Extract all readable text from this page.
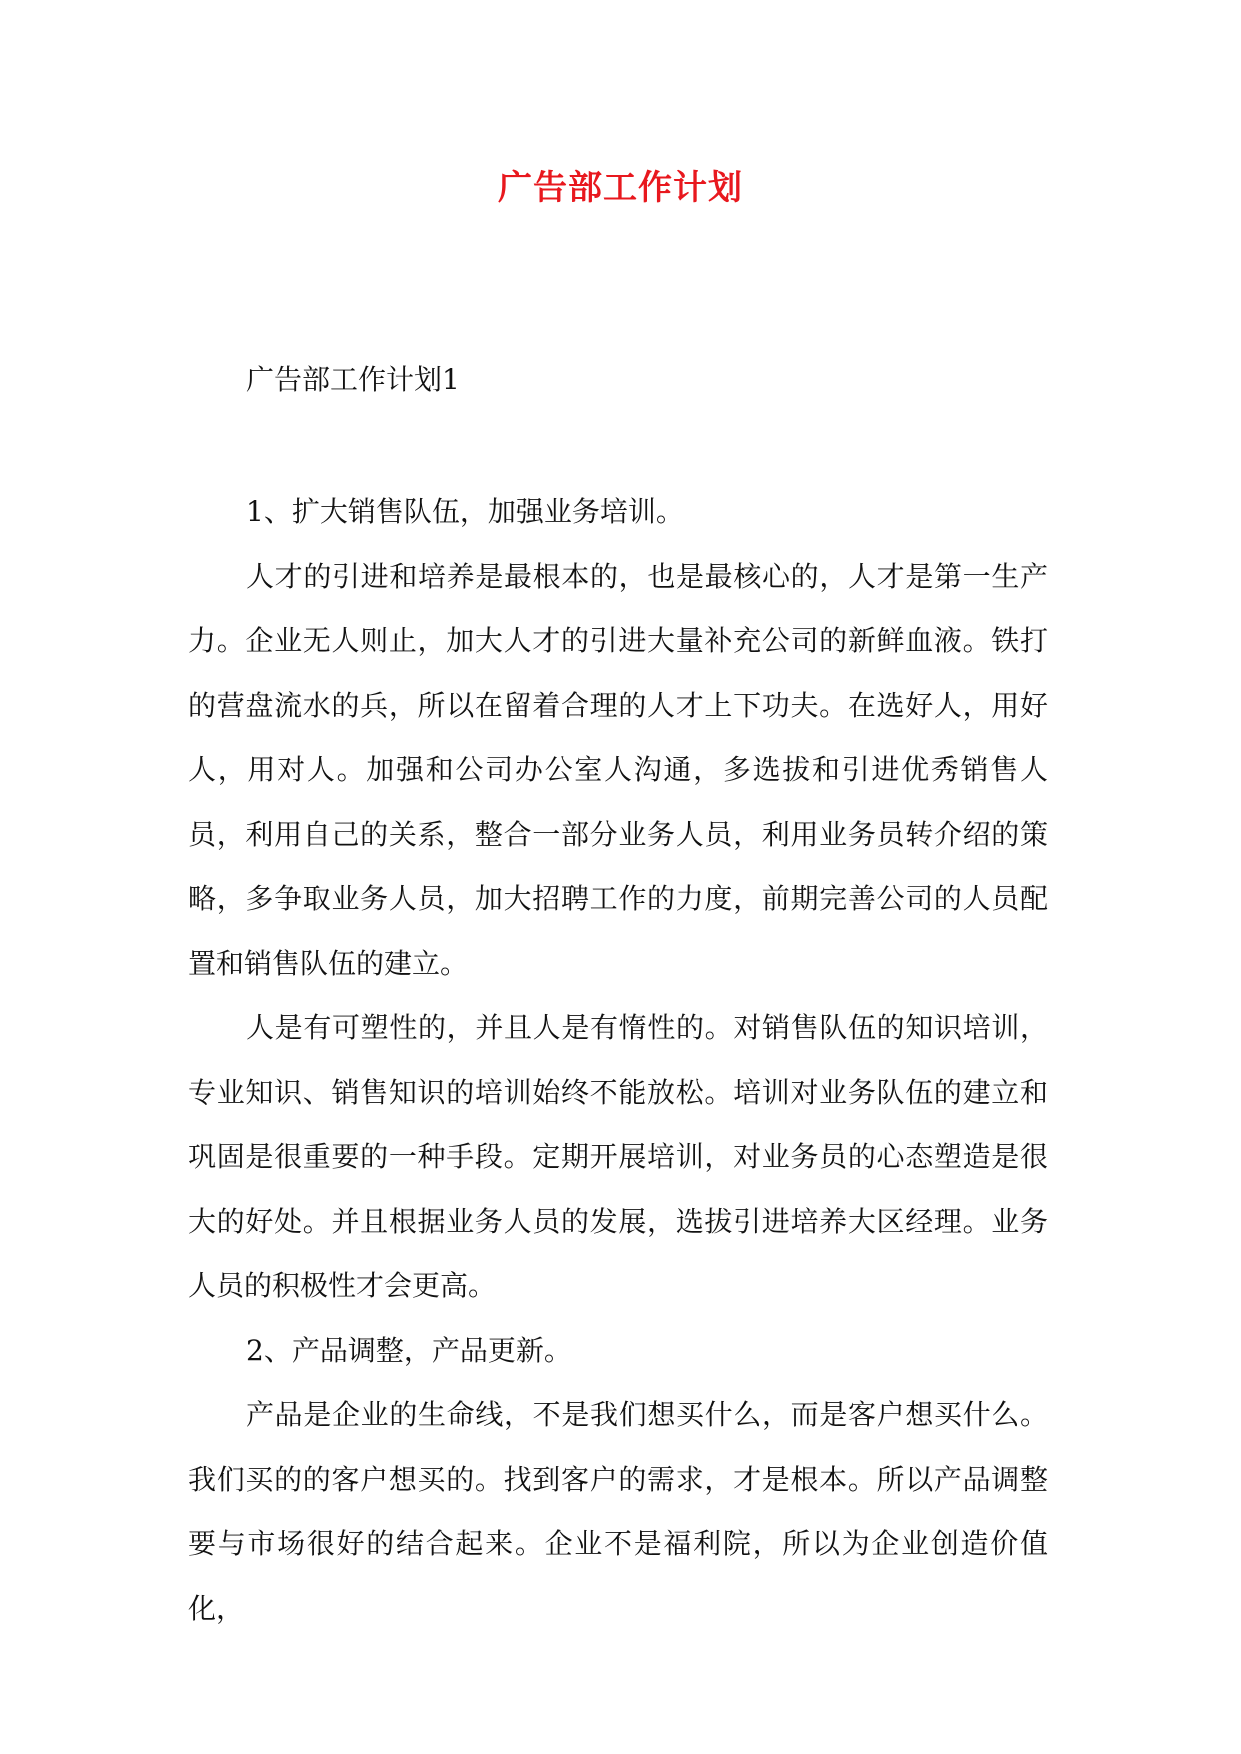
广告部工作计划
广告部工作计划1

1、扩大销售队伍，加强业务培训。

人才的引进和培养是最根本的，也是最核心的，人才是第一生产力。企业无人则止，加大人才的引进大量补充公司的新鲜血液。铁打的营盘流水的兵，所以在留着合理的人才上下功夫。在选好人，用好人，用对人。加强和公司办公室人沟通，多选拔和引进优秀销售人员，利用自己的关系，整合一部分业务人员，利用业务员转介绍的策略，多争取业务人员，加大招聘工作的力度，前期完善公司的人员配置和销售队伍的建立。

人是有可塑性的，并且人是有惰性的。对销售队伍的知识培训，专业知识、销售知识的培训始终不能放松。培训对业务队伍的建立和巩固是很重要的一种手段。定期开展培训，对业务员的心态塑造是很大的好处。并且根据业务人员的发展，选拔引进培养大区经理。业务人员的积极性才会更高。

2、产品调整，产品更新。

产品是企业的生命线，不是我们想买什么，而是客户想买什么。我们买的的客户想买的。找到客户的需求，才是根本。所以产品调整要与市场很好的结合起来。企业不是福利院，所以为企业创造价值化，
